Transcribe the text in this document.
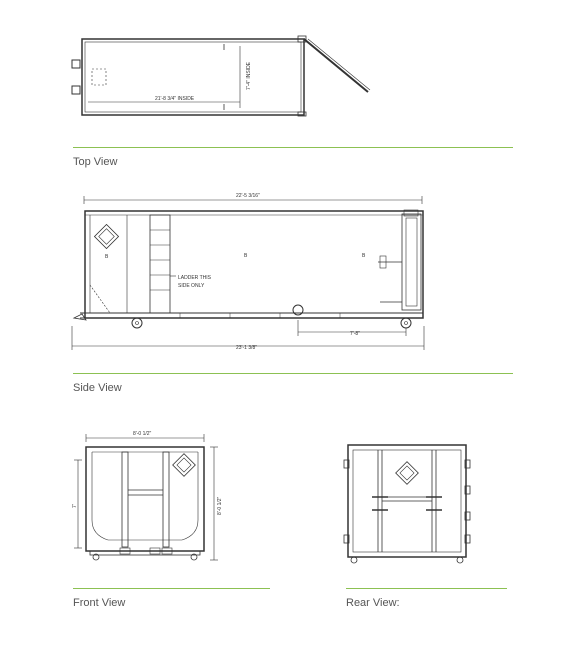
21'-8 3/4" INSIDE
7'-4" INSIDE
22'-5 3/16"
23'-1 3/8"
7'-8"
LADDER THIS
SIDE ONLY
B	B	B
8'-0 1/2"
7'	8'-0 1/2"
Top View
Side View
Front View	Rear View:
